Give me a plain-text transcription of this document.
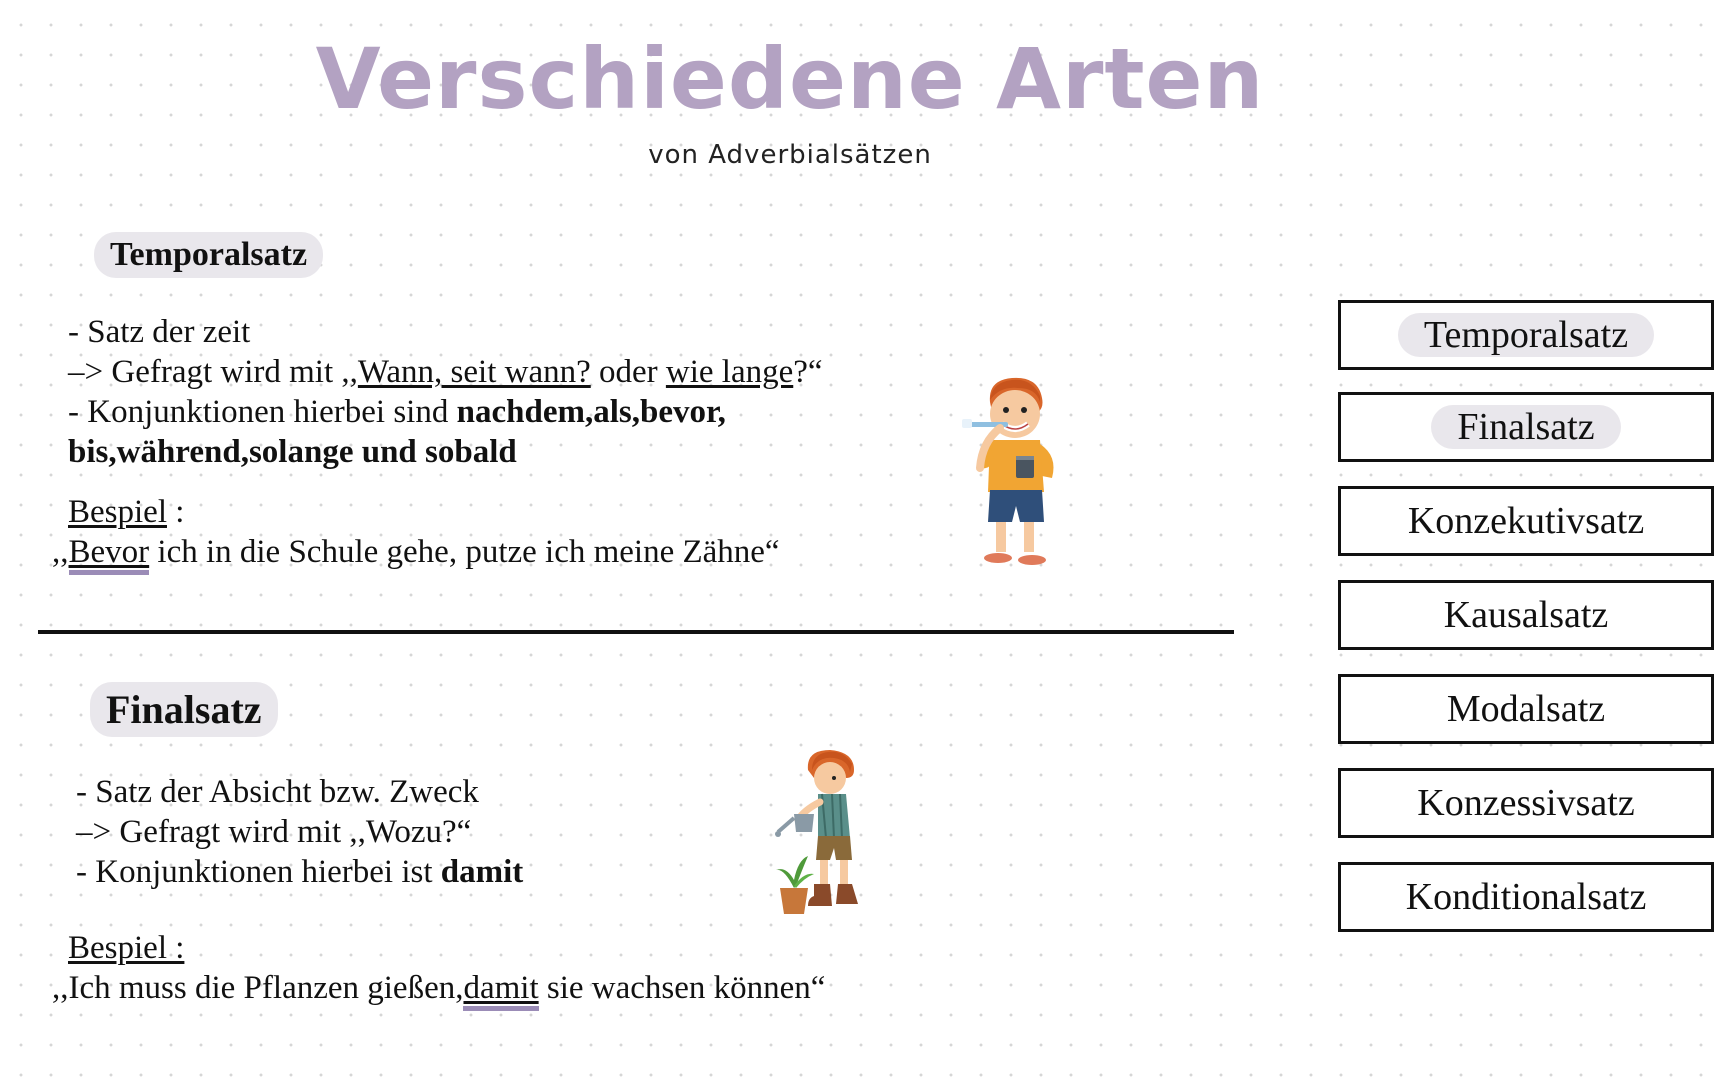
Verschiedene Arten
von Adverbialsätzen
Temporalsatz
- Satz der zeit
–> Gefragt wird mit ,,Wann, seit wann? oder wie lange?“
- Konjunktionen hierbei sind nachdem,als,bevor,
bis,während,solange und sobald
Bespiel :
,,Bevor ich in die Schule gehe, putze ich meine Zähne“
Finalsatz
- Satz der Absicht bzw. Zweck
–> Gefragt wird mit ,,Wozu?“
- Konjunktionen hierbei ist damit
Bespiel :
,,Ich muss die Pflanzen gießen,damit sie wachsen können“
Temporalsatz
Finalsatz
Konzekutivsatz
Kausalsatz
Modalsatz
Konzessivsatz
Konditionalsatz
